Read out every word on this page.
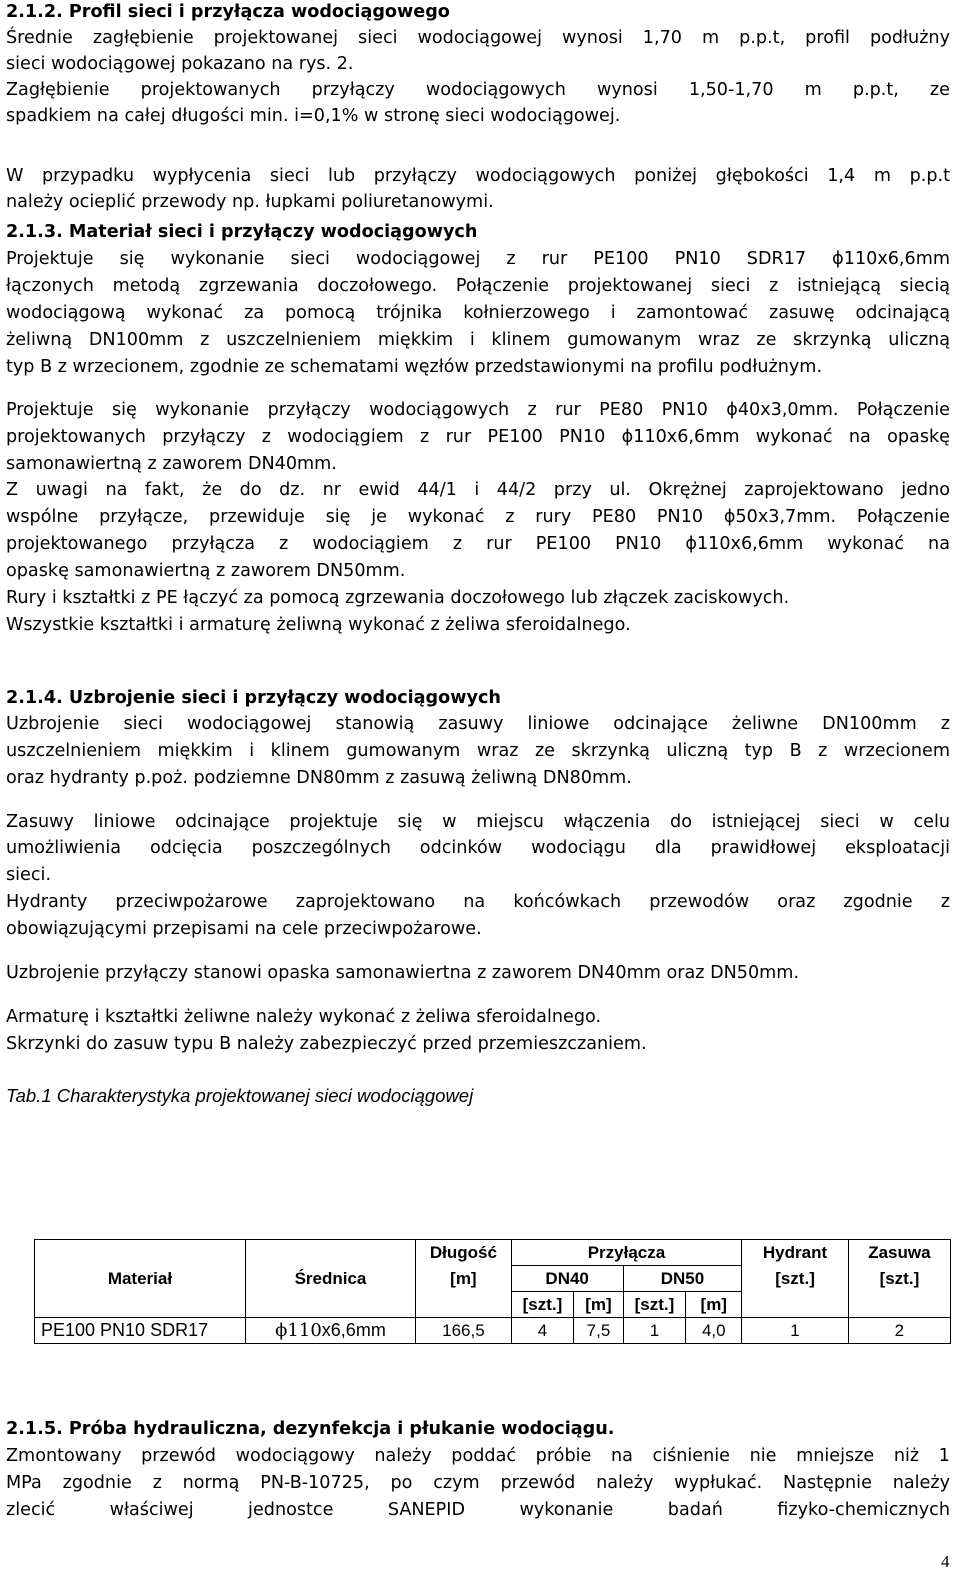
2.1.2. Profil sieci i przyłącza wodociągowego
Średnie zagłębienie projektowanej sieci wodociągowej wynosi 1,70 m p.p.t, profil podłużny
sieci wodociągowej pokazano na rys. 2.
Zagłębienie projektowanych przyłączy wodociągowych wynosi 1,50-1,70 m p.p.t, ze
spadkiem na całej długości min. i=0,1% w stronę sieci wodociągowej.
W przypadku wypłycenia sieci lub przyłączy wodociągowych poniżej głębokości 1,4 m p.p.t
należy ocieplić przewody np. łupkami poliuretanowymi.
2.1.3. Materiał sieci i przyłączy wodociągowych
Projektuje się wykonanie sieci wodociągowej z rur PE100 PN10 SDR17 ϕ110x6,6mm
łączonych metodą zgrzewania doczołowego. Połączenie projektowanej sieci z istniejącą siecią
wodociągową wykonać za pomocą trójnika kołnierzowego i zamontować zasuwę odcinającą
żeliwną DN100mm z uszczelnieniem miękkim i klinem gumowanym wraz ze skrzynką uliczną
typ B z wrzecionem, zgodnie ze schematami węzłów przedstawionymi na profilu podłużnym.
Projektuje się wykonanie przyłączy wodociągowych z rur PE80 PN10 ϕ40x3,0mm. Połączenie
projektowanych przyłączy z wodociągiem z rur PE100 PN10 ϕ110x6,6mm wykonać na opaskę
samonawiertną z zaworem DN40mm.
Z uwagi na fakt, że do dz. nr ewid 44/1 i 44/2 przy ul. Okrężnej zaprojektowano jedno
wspólne przyłącze, przewiduje się je wykonać z rury PE80 PN10 ϕ50x3,7mm. Połączenie
projektowanego przyłącza z wodociągiem z rur PE100 PN10 ϕ110x6,6mm wykonać na
opaskę samonawiertną z zaworem DN50mm.
Rury i kształtki z PE łączyć za pomocą zgrzewania doczołowego lub złączek zaciskowych.
Wszystkie kształtki i armaturę żeliwną wykonać z żeliwa sferoidalnego.
2.1.4. Uzbrojenie sieci i przyłączy wodociągowych
Uzbrojenie sieci wodociągowej stanowią zasuwy liniowe odcinające żeliwne DN100mm z
uszczelnieniem miękkim i klinem gumowanym wraz ze skrzynką uliczną typ B z wrzecionem
oraz hydranty p.poż. podziemne DN80mm z zasuwą żeliwną DN80mm.
Zasuwy liniowe odcinające projektuje się w miejscu włączenia do istniejącej sieci w celu
umożliwienia odcięcia poszczególnych odcinków wodociągu dla prawidłowej eksploatacji
sieci.
Hydranty przeciwpożarowe zaprojektowano na końcówkach przewodów oraz zgodnie z
obowiązującymi przepisami na cele przeciwpożarowe.
Uzbrojenie przyłączy stanowi opaska samonawiertna z zaworem DN40mm oraz DN50mm.
Armaturę i kształtki żeliwne należy wykonać z żeliwa sferoidalnego.
Skrzynki do zasuw typu B należy zabezpieczyć przed przemieszczaniem.
Tab.1 Charakterystyka projektowanej sieci wodociągowej
Materiał	Średnica	Długość	Przyłącza				Hydrant	Zasuwa
		[m]	DN40		DN50		[szt.]	[szt.]
			[szt.]	[m]	[szt.]	[m]		
PE100 PN10 SDR17	ϕ110x6,6mm	166,5	4	7,5	1	4,0	1	2
2.1.5. Próba hydrauliczna, dezynfekcja i płukanie wodociągu.
Zmontowany przewód wodociągowy należy poddać próbie na ciśnienie nie mniejsze niż 1
MPa zgodnie z normą PN-B-10725, po czym przewód należy wypłukać. Następnie należy
zlecić właściwej jednostce SANEPID wykonanie badań fizyko-chemicznych
4
